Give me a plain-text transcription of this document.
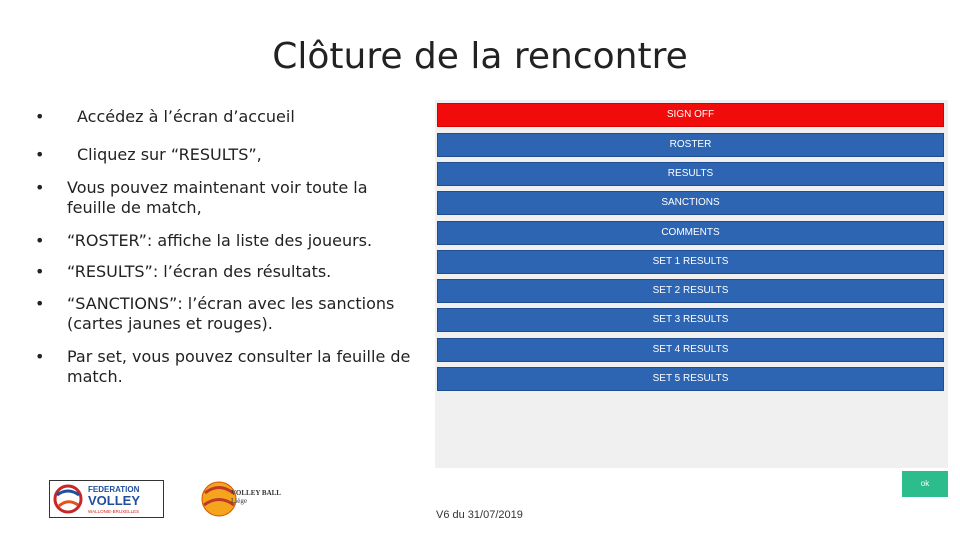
Clôture de la rencontre
• Accédez à l’écran d’accueil
• Cliquez sur “RESULTS”,
• Vous pouvez maintenant voir toute la
feuille de match,
• “ROSTER”: affiche la liste des joueurs.
• “RESULTS”: l’écran des résultats.
• “SANCTIONS”: l’écran avec les sanctions
(cartes jaunes et rouges).
• Par set, vous pouvez consulter la feuille de
match.
SIGN OFF
ROSTER
RESULTS
SANCTIONS
COMMENTS
SET 1 RESULTS
SET 2 RESULTS
SET 3 RESULTS
SET 4 RESULTS
SET 5 RESULTS
ok
V6 du 31/07/2019
FEDERATION
VOLLEY
WALLONIE-BRUXELLES
VOLLEY BALL
Liège
